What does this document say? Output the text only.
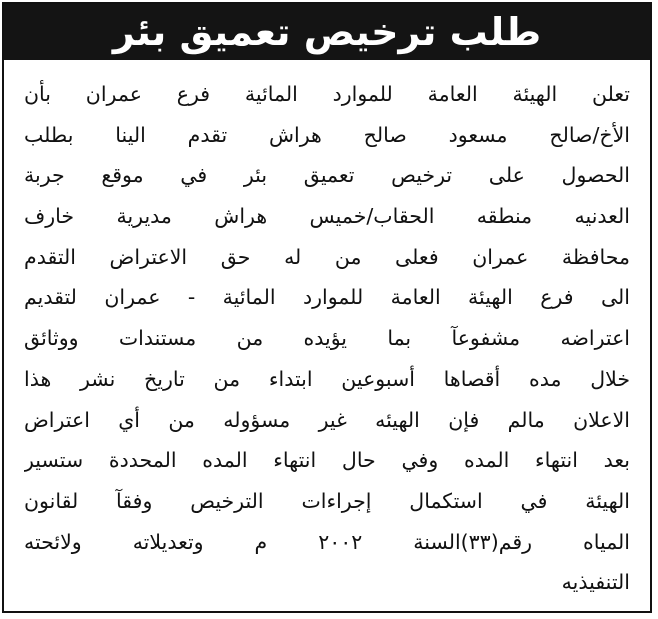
طلب ترخيص تعميق بئر
تعلن الهيئة العامة للموارد المائية فرع عمران بأن
الأخ/صالح مسعود صالح هراش تقدم الينا بطلب
الحصول على ترخيص تعميق بئر في موقع جربة
العدنيه منطقه الحقاب/خميس هراش مديرية خارف
محافظة عمران فعلى من له حق الاعتراض التقدم
الى فرع الهيئة العامة للموارد المائية - عمران لتقديم
اعتراضه مشفوعآ بما يؤيده من مستندات ووثائق
خلال مده أقصاها أسبوعين ابتداء من تاريخ نشر هذا
الاعلان مالم فإن الهيئه غير مسؤوله من أي اعتراض
بعد انتهاء المده وفي حال انتهاء المده المحددة ستسير
الهيئة في استكمال إجراءات الترخيص وفقآ لقانون
المياه رقم(٣٣)السنة ٢٠٠٢ م وتعديلاته ولائحته
التنفيذيه
